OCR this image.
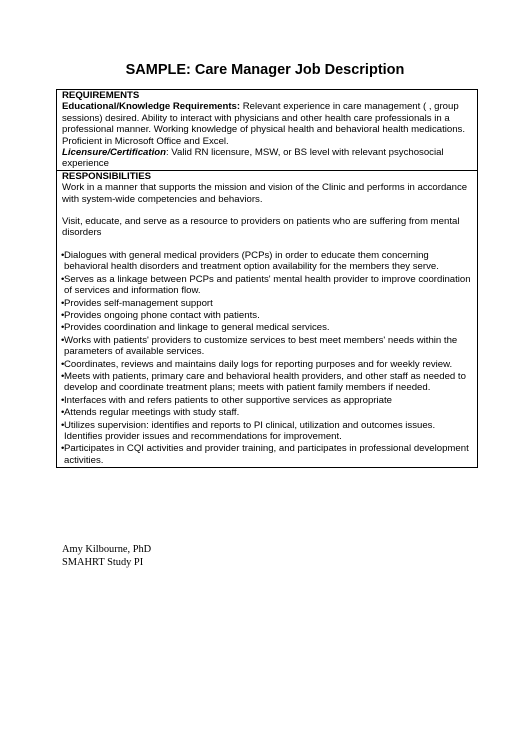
SAMPLE: Care Manager Job Description
REQUIREMENTS

Educational/Knowledge Requirements: Relevant experience in care management ( , group sessions) desired. Ability to interact with physicians and other health care professionals in a professional manner. Working knowledge of physical health and behavioral health medications. Proficient in Microsoft Office and Excel.

Licensure/Certification: Valid RN licensure, MSW, or BS level with relevant psychosocial experience

RESPONSIBILITIES

Work in a manner that supports the mission and vision of the Clinic and performs in accordance with system-wide competencies and behaviors.

Visit, educate, and serve as a resource to providers on patients who are suffering from mental disorders

• Dialogues with general medical providers (PCPs) in order to educate them concerning behavioral health disorders and treatment option availability for the members they serve.
• Serves as a linkage between PCPs and patients' mental health provider to improve coordination of services and information flow.
• Provides self-management support
• Provides ongoing phone contact with patients.
• Provides coordination and linkage to general medical services.
• Works with patients' providers to customize services to best meet members' needs within the parameters of available services.
• Coordinates, reviews and maintains daily logs for reporting purposes and for weekly review.
• Meets with patients, primary care and behavioral health providers, and other staff as needed to develop and coordinate treatment plans; meets with patient family members if needed.
• Interfaces with and refers patients to other supportive services as appropriate
• Attends regular meetings with study staff.
• Utilizes supervision: identifies and reports to PI clinical, utilization and outcomes issues. Identifies provider issues and recommendations for improvement.
• Participates in CQI activities and provider training, and participates in professional development activities.
Amy Kilbourne, PhD
SMAHRT Study PI
